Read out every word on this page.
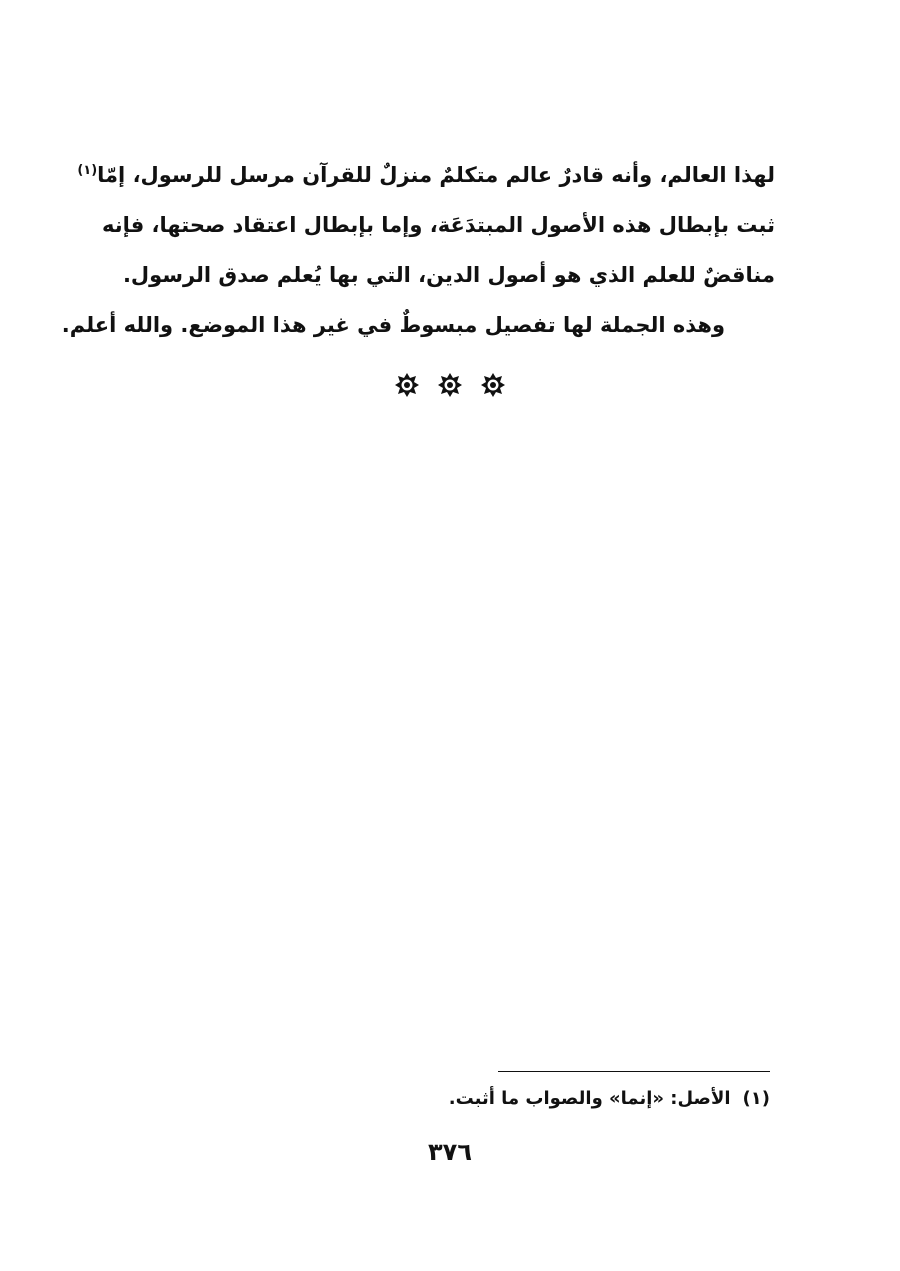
لهذا العالم، وأنه قادرٌ عالم متكلمٌ منزلٌ للقرآن مرسل للرسول، إمّا$^{(١)}$
ثبت بإبطال هذه الأصول المبتدَعَة، وإما بإبطال اعتقاد صحتها، فإنه
مناقضٌ للعلم الذي هو أصول الدين، التي بها يُعلم صدق الرسول.
وهذه الجملة لها تفصيل مبسوطٌ في غير هذا الموضع. والله أعلم.

(١)الأصل: «إنما» والصواب ما أثبت.
٣٧٦
